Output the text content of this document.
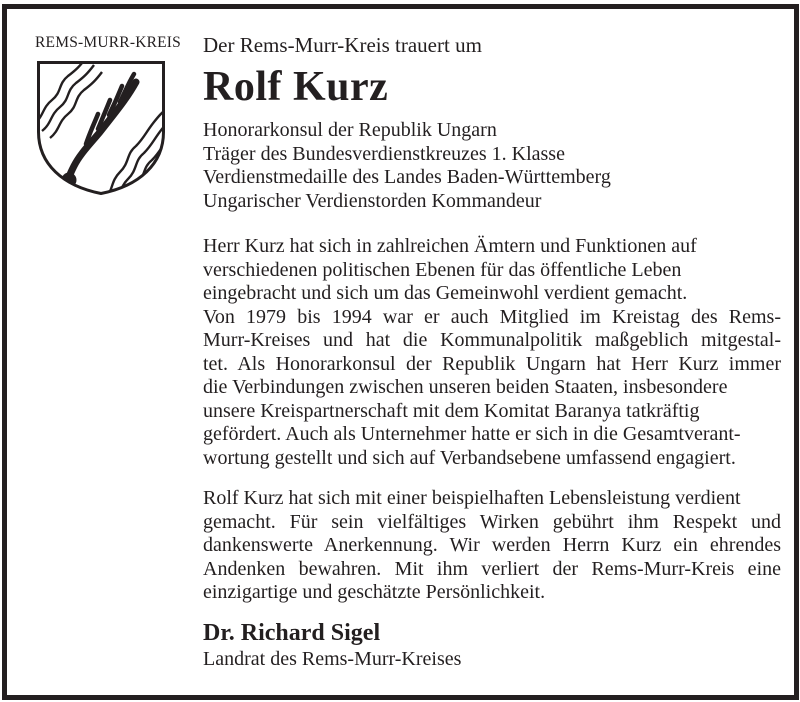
REMS-MURR-KREIS	Der Rems-Murr-Kreis trauert um
Rolf Kurz
Honorarkonsul der Republik Ungarn
Träger des Bundesverdienstkreuzes 1. Klasse
Verdienstmedaille des Landes Baden-Württemberg
Ungarischer Verdienstorden Kommandeur
Herr Kurz hat sich in zahlreichen Ämtern und Funktionen auf
verschiedenen politischen Ebenen für das öffentliche Leben
eingebracht und sich um das Gemeinwohl verdient gemacht.
Von 1979 bis 1994 war er auch Mitglied im Kreistag des Rems-
Murr-Kreises und hat die Kommunalpolitik maßgeblich mitgestal-
tet. Als Honorarkonsul der Republik Ungarn hat Herr Kurz immer
die Verbindungen zwischen unseren beiden Staaten, insbesondere
unsere Kreispartnerschaft mit dem Komitat Baranya tatkräftig
gefördert. Auch als Unternehmer hatte er sich in die Gesamtverant-
wortung gestellt und sich auf Verbandsebene umfassend engagiert.
Rolf Kurz hat sich mit einer beispielhaften Lebensleistung verdient
gemacht. Für sein vielfältiges Wirken gebührt ihm Respekt und
dankenswerte Anerkennung. Wir werden Herrn Kurz ein ehrendes
Andenken bewahren. Mit ihm verliert der Rems-Murr-Kreis eine
einzigartige und geschätzte Persönlichkeit.
Dr. Richard Sigel
Landrat des Rems-Murr-Kreises
